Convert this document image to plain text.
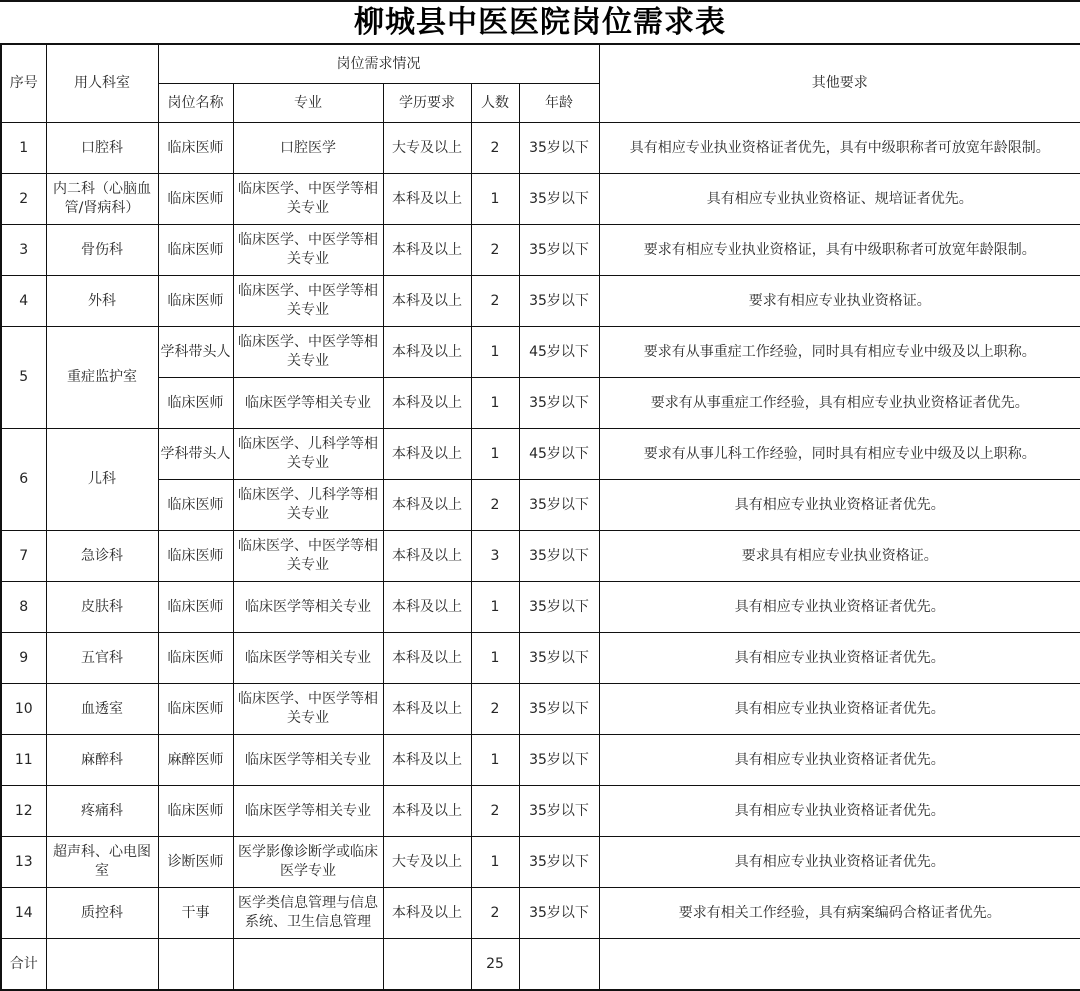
柳城县中医医院岗位需求表
序号	用人科室	岗位需求情况					其他要求
		岗位名称	专业	学历要求	人数	年龄	
1	口腔科	临床医师	口腔医学	大专及以上	2	35岁以下	具有相应专业执业资格证者优先，具有中级职称者可放宽年龄限制。
2	内二科（心脑血管/肾病科）	临床医师	临床医学、中医学等相关专业	本科及以上	1	35岁以下	具有相应专业执业资格证、规培证者优先。
3	骨伤科	临床医师	临床医学、中医学等相关专业	本科及以上	2	35岁以下	要求有相应专业执业资格证，具有中级职称者可放宽年龄限制。
4	外科	临床医师	临床医学、中医学等相关专业	本科及以上	2	35岁以下	要求有相应专业执业资格证。
5	重症监护室	学科带头人	临床医学、中医学等相关专业	本科及以上	1	45岁以下	要求有从事重症工作经验，同时具有相应专业中级及以上职称。
		临床医师	临床医学等相关专业	本科及以上	1	35岁以下	要求有从事重症工作经验，具有相应专业执业资格证者优先。
6	儿科	学科带头人	临床医学、儿科学等相关专业	本科及以上	1	45岁以下	要求有从事儿科工作经验，同时具有相应专业中级及以上职称。
		临床医师	临床医学、儿科学等相关专业	本科及以上	2	35岁以下	具有相应专业执业资格证者优先。
7	急诊科	临床医师	临床医学、中医学等相关专业	本科及以上	3	35岁以下	要求具有相应专业执业资格证。
8	皮肤科	临床医师	临床医学等相关专业	本科及以上	1	35岁以下	具有相应专业执业资格证者优先。
9	五官科	临床医师	临床医学等相关专业	本科及以上	1	35岁以下	具有相应专业执业资格证者优先。
10	血透室	临床医师	临床医学、中医学等相关专业	本科及以上	2	35岁以下	具有相应专业执业资格证者优先。
11	麻醉科	麻醉医师	临床医学等相关专业	本科及以上	1	35岁以下	具有相应专业执业资格证者优先。
12	疼痛科	临床医师	临床医学等相关专业	本科及以上	2	35岁以下	具有相应专业执业资格证者优先。
13	超声科、心电图室	诊断医师	医学影像诊断学或临床医学专业	大专及以上	1	35岁以下	具有相应专业执业资格证者优先。
14	质控科	干事	医学类信息管理与信息系统、卫生信息管理	本科及以上	2	35岁以下	要求有相关工作经验，具有病案编码合格证者优先。
合计					25		
